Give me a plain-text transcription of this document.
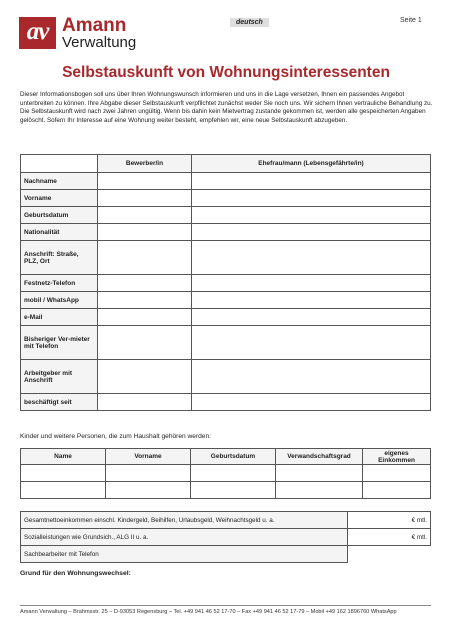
av Amann
Verwaltung
deutsch	Seite 1
Selbstauskunft von Wohnungsinteressenten
Dieser Informationsbogen soll uns über Ihren Wohnungswunsch informieren und uns in die Lage versetzen, Ihnen ein passendes Angebot unterbreiten zu können. Ihre Abgabe dieser Selbstauskunft verpflichtet zunächst weder Sie noch uns. Wir sichern Ihnen vertrauliche Behandlung zu. Die Selbstauskunft wird nach zwei Jahren ungültig. Wenn bis dahin kein Mietvertrag zustande gekommen ist, werden alle gespeicherten Angaben gelöscht. Sofern Ihr Interesse auf eine Wohnung weiter besteht, empfehlen wir, eine neue Selbstauskunft abzugeben.
	Bewerber/in	Ehefrau/mann (Lebensgefährte/in)
Nachname		
Vorname		
Geburtsdatum		
Nationalität		
Anschrift: Straße, PLZ, Ort		
Festnetz-Telefon		
mobil / WhatsApp		
e-Mail		
Bisheriger Ver-mieter mit Telefon		
Arbeitgeber mit Anschrift		
beschäftigt seit		
Kinder und weitere Personen, die zum Haushalt gehören werden:
Name	Vorname	Geburtsdatum	Verwandschaftsgrad	eigenes Einkommen

Gesamtnettoeinkommen einschl. Kindergeld, Beihilfen, Urlaubsgeld, Weihnachtsgeld u. a.	€ mtl.
Sozialleistungen wie Grundsich., ALG II u. a.	€ mtl.
Sachbearbeiter mit Telefon	
Grund für den Wohnungswechsel:
Amann Verwaltung – Brahmsstr. 25 – D-93053 Regensburg – Tel. +49 941 46 52 17-70 – Fax +49 941 46 52 17-79 – Mobil +49 162 1896760 WhatsApp
